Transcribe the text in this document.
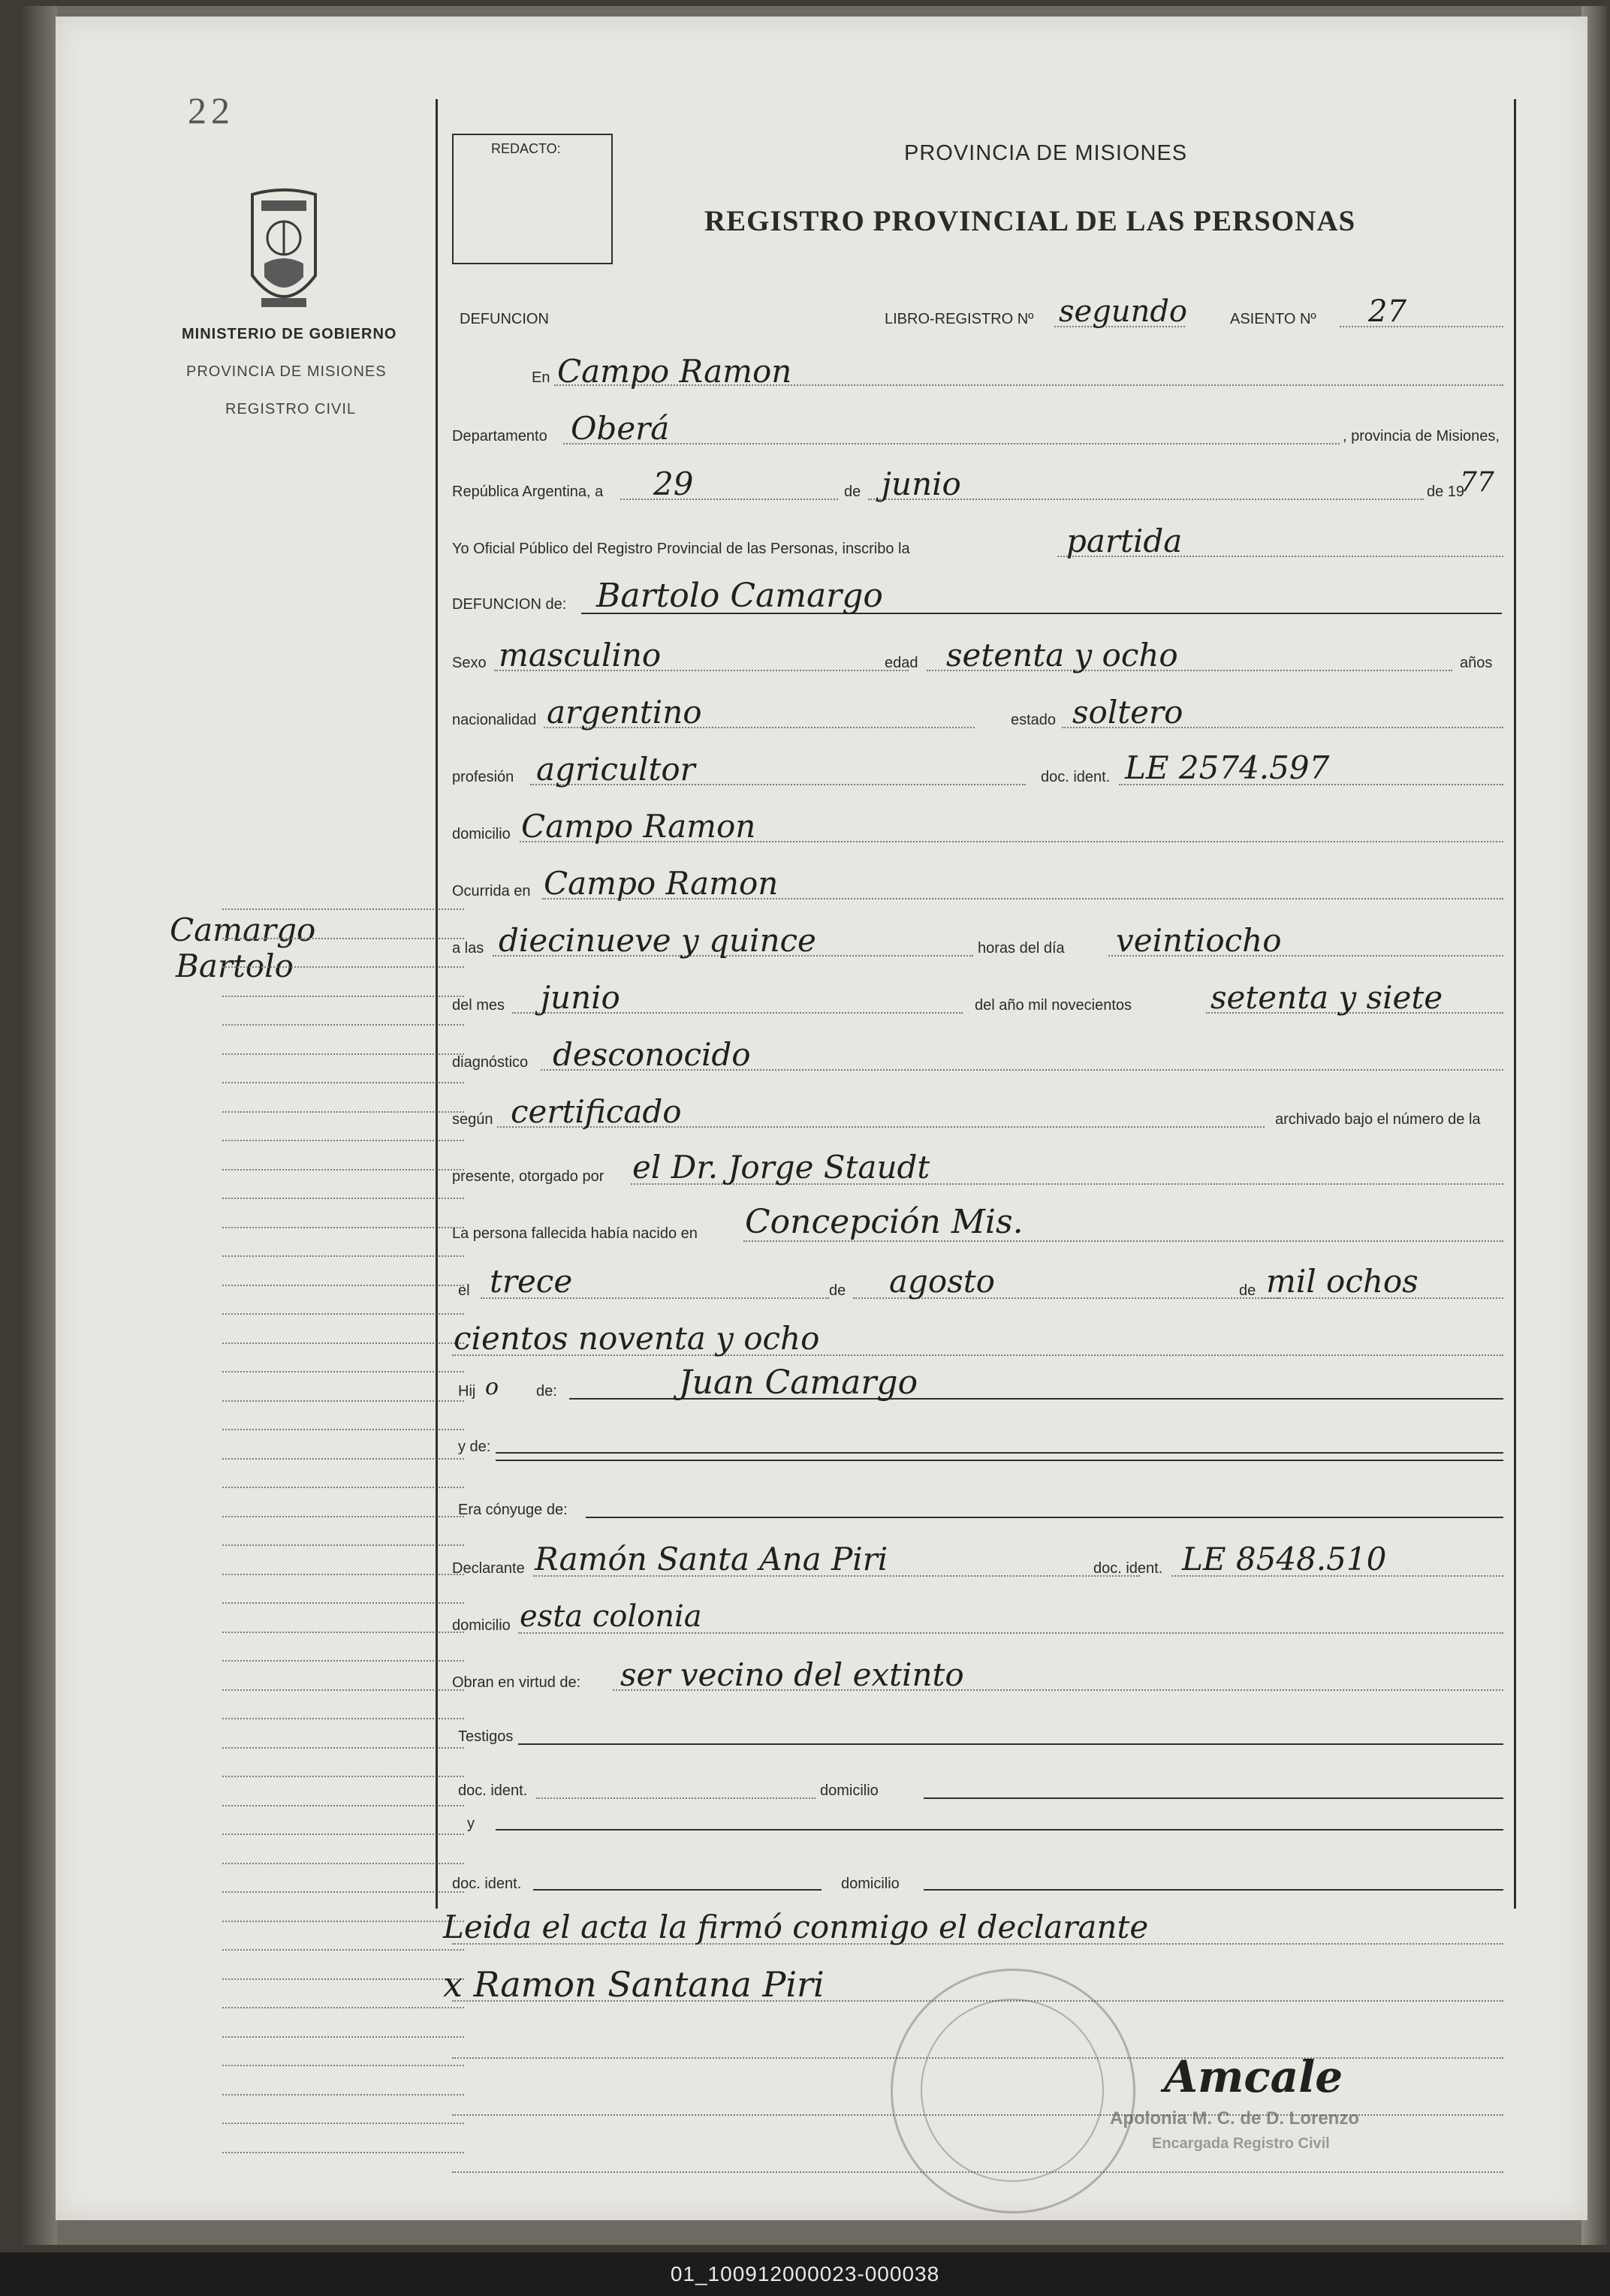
22
MINISTERIO DE GOBIERNO
PROVINCIA DE MISIONES
REGISTRO CIVIL
Camargo
Bartolo
REDACTO:	PROVINCIA DE MISIONES
REGISTRO PROVINCIAL DE LAS PERSONAS
DEFUNCION	LIBRO-REGISTRO Nº segundo	ASIENTO Nº 27
En Campo Ramon
Departamento Oberá	, provincia de Misiones,
República Argentina, a 29	de junio	de 19
77
Yo Oficial Público del Registro Provincial de las Personas, inscribo la	partida
DEFUNCION de: Bartolo Camargo
Sexo masculino	edad setenta y ocho	años
nacionalidad argentino	estado soltero
profesión agricultor	doc. ident. LE 2574.597
domicilio Campo Ramon
Ocurrida en Campo Ramon
a las diecinueve y quince	horas del día veintiocho
del mes junio	del año mil novecientos setenta y siete
diagnóstico desconocido
según certificado	archivado bajo el número de la
presente, otorgado por el Dr. Jorge Staudt
La persona fallecida había nacido en Concepción Mis.
el trece	de agosto	de mil ochos
cientos noventa y ocho
Hij o de:	Juan Camargo
y de:
Era cónyuge de:
Declarante Ramón Santa Ana Piri	doc. ident. LE 8548.510
domicilio esta colonia
Obran en virtud de: ser vecino del extinto
Testigos
doc. ident.	domicilio
y
doc. ident.	domicilio
Leida el acta la firmó conmigo el declarante
x Ramon Santana Piri
Amcale
Apolonia M. C. de D. Lorenzo
Encargada Registro Civil
01_100912000023-000038
